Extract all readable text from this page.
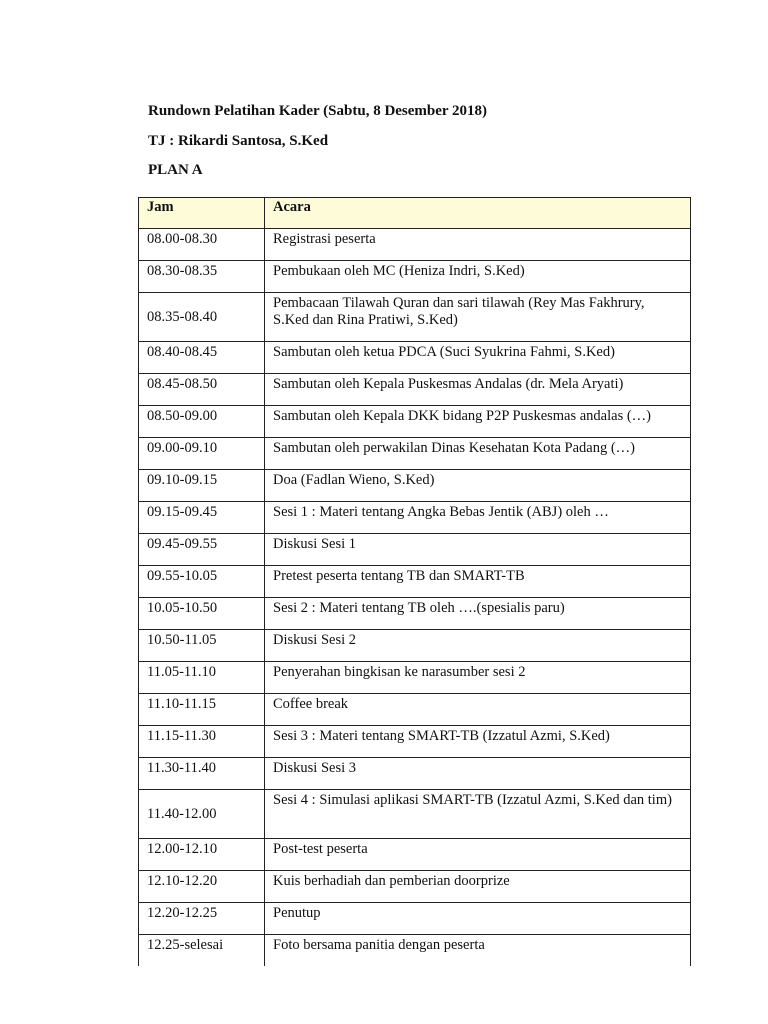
Rundown Pelatihan Kader (Sabtu, 8 Desember 2018)
TJ : Rikardi Santosa, S.Ked
PLAN A
Jam	Acara
08.00-08.30	Registrasi peserta
08.30-08.35	Pembukaan oleh MC (Heniza Indri, S.Ked)
08.35-08.40	Pembacaan Tilawah Quran dan sari tilawah (Rey Mas Fakhrury, S.Ked dan Rina Pratiwi, S.Ked)
08.40-08.45	Sambutan oleh ketua PDCA (Suci Syukrina Fahmi, S.Ked)
08.45-08.50	Sambutan oleh Kepala Puskesmas Andalas (dr. Mela Aryati)
08.50-09.00	Sambutan oleh Kepala DKK bidang P2P Puskesmas andalas (…)
09.00-09.10	Sambutan oleh perwakilan Dinas Kesehatan Kota Padang (…)
09.10-09.15	Doa (Fadlan Wieno, S.Ked)
09.15-09.45	Sesi 1 : Materi tentang Angka Bebas Jentik (ABJ) oleh …
09.45-09.55	Diskusi Sesi 1
09.55-10.05	Pretest peserta tentang TB dan SMART-TB
10.05-10.50	Sesi 2 : Materi tentang TB oleh ….(spesialis paru)
10.50-11.05	Diskusi Sesi 2
11.05-11.10	Penyerahan bingkisan ke narasumber sesi 2
11.10-11.15	Coffee break
11.15-11.30	Sesi 3 : Materi tentang SMART-TB (Izzatul Azmi, S.Ked)
11.30-11.40	Diskusi Sesi 3
11.40-12.00	Sesi 4 : Simulasi aplikasi SMART-TB (Izzatul Azmi, S.Ked dan tim)
12.00-12.10	Post-test peserta
12.10-12.20	Kuis berhadiah dan pemberian doorprize
12.20-12.25	Penutup
12.25-selesai	Foto bersama panitia dengan peserta
